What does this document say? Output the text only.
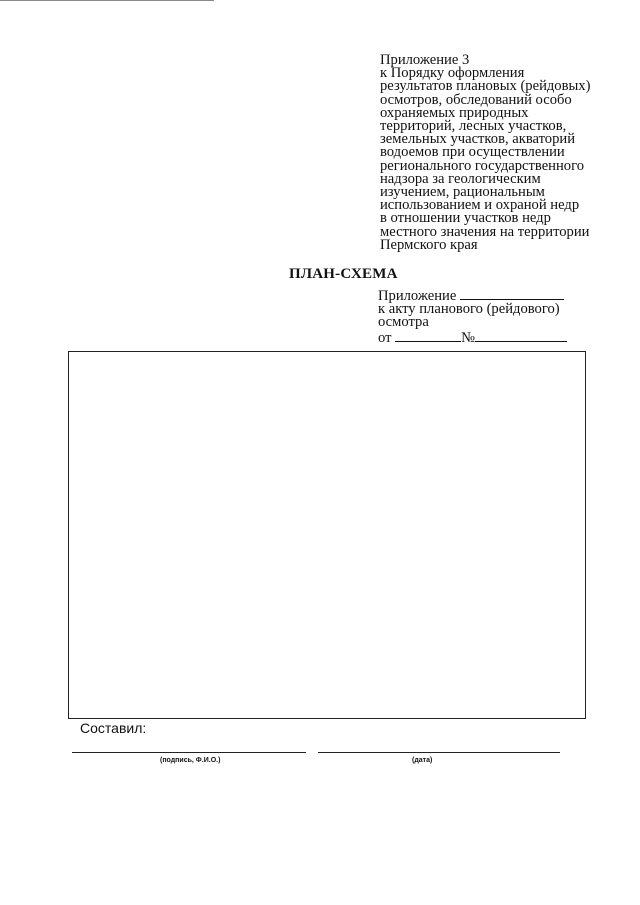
Приложение 3
к Порядку оформления
результатов плановых (рейдовых)
осмотров, обследований особо
охраняемых природных
территорий, лесных участков,
земельных участков, акваторий
водоемов при осуществлении
регионального государственного
надзора за геологическим
изучением, рациональным
использованием и охраной недр
в отношении участков недр
местного значения на территории
Пермского края
ПЛАН-СХЕМА
Приложение
к акту планового (рейдового)
осмотра
от	№
Составил:
(подпись, Ф.И.О.)	(дата)
